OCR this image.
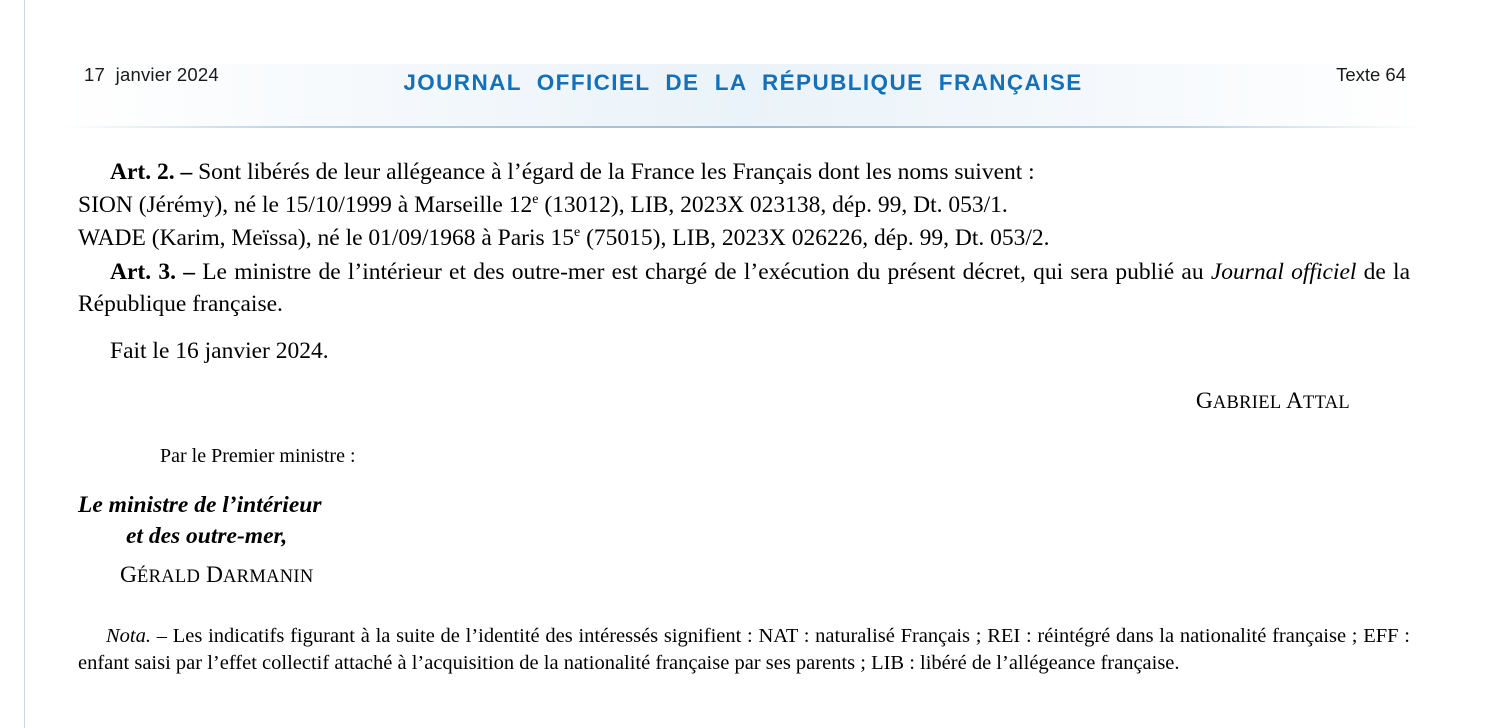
17  janvier 2024	JOURNAL  OFFICIEL  DE  LA  RÉPUBLIQUE  FRANÇAISE	Texte 64

Art. 2. – Sont libérés de leur allégeance à l’égard de la France les Français dont les noms suivent :

SION (Jérémy), né le 15/10/1999 à Marseille 12e (13012), LIB, 2023X 023138, dép. 99, Dt. 053/1.

WADE (Karim, Meïssa), né le 01/09/1968 à Paris 15e (75015), LIB, 2023X 026226, dép. 99, Dt. 053/2.

Art. 3. – Le ministre de l’intérieur et des outre-mer est chargé de l’exécution du présent décret, qui sera publié au Journal officiel de la République française.

Fait le 16 janvier 2024.

GABRIEL ATTAL

Par le Premier ministre :

Le ministre de l’intérieur
et des outre-mer,

GÉRALD DARMANIN

Nota. – Les indicatifs figurant à la suite de l’identité des intéressés signifient : NAT : naturalisé Français ; REI : réintégré dans la nationalité française ; EFF : enfant saisi par l’effet collectif attaché à l’acquisition de la nationalité française par ses parents ; LIB : libéré de l’allégeance française.
